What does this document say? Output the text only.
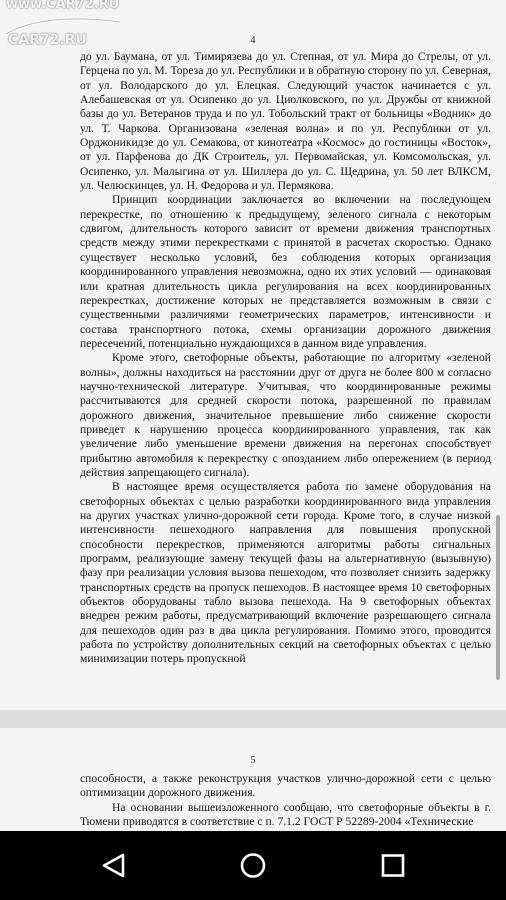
4

до ул. Баумана, от ул. Тимирязева до ул. Степная, от ул. Мира до Стрелы, от ул. Герцена по ул. М. Тореза до ул. Республики и в обратную сторону по ул. Северная, от ул. Володарского до ул. Елецкая. Следующий участок начинается с ул. Алебашевская от ул. Осипенко до ул. Циолковского, по ул. Дружбы от книжной базы до ул. Ветеранов труда и по ул. Тобольский тракт от больницы «Водник» до ул. Т. Чаркова. Организована «зеленая волна» и по ул. Республики от ул. Орджоникидзе до ул. Семакова, от кинотеатра «Космос» до гостиницы «Восток», от ул. Парфенова до ДК Строитель, ул. Первомайская, ул. Комсомольская, ул. Осипенко, ул. Малыгина от ул. Шиллера до ул. С. Щедрина, ул. 50 лет ВЛКСМ, ул. Челюскинцев, ул. Н. Федорова и ул. Пермякова.

Принцип координации заключается во включении на последующем перекрестке, по отношению к предыдущему, зеленого сигнала с некоторым сдвигом, длительность которого зависит от времени движения транспортных средств между этими перекрестками с принятой в расчетах скоростью. Однако существует несколько условий, без соблюдения которых организация координированного управления невозможна, одно их этих условий — одинаковая или кратная длительность цикла регулирования на всех координированных перекрестках, достижение которых не представляется возможным в связи с существенными различиями геометрических параметров, интенсивности и состава транспортного потока, схемы организации дорожного движения пересечений, потенциально нуждающихся в данном виде управления.

Кроме этого, светофорные объекты, работающие по алгоритму «зеленой волны», должны находиться на расстоянии друг от друга не более 800 м согласно научно-технической литературе. Учитывая, что координированные режимы рассчитываются для средней скорости потока, разрешенной по правилам дорожного движения, значительное превышение либо снижение скорости приведет к нарушению процесса координированного управления, так как увеличение либо уменьшение времени движения на перегонах способствует прибытию автомобиля к перекрестку с опозданием либо опережением (в период действия запрещающего сигнала).

В настоящее время осуществляется работа по замене оборудования на светофорных объектах с целью разработки координированного вида управления на других участках улично-дорожной сети города. Кроме того, в случае низкой интенсивности пешеходного направления для повышения пропускной способности перекрестков, применяются алгоритмы работы сигнальных программ, реализующие замену текущей фазы на альтернативную (вызывную) фазу при реализации условия вызова пешеходом, что позволяет снизить задержку транспортных средств на пропуск пешеходов. В настоящее время 10 светофорных объектов оборудованы табло вызова пешехода. На 9 светофорных объектах внедрен режим работы, предусматривающий включение разрешающего сигнала для пешеходов один раз в два цикла регулирования. Помимо этого, проводится работа по устройству дополнительных секций на светофорных объектах с целью минимизации потерь пропускной

5

способности, а также реконструкция участков улично-дорожной сети с целью оптимизации дорожного движения.

На основании вышеизложенного сообщаю, что светофорные объекты в г. Тюмени приводятся в соответствие с п. 7.1.2 ГОСТ Р 52289-2004 «Технические

www.CAR72.RU
CAR72.RU
